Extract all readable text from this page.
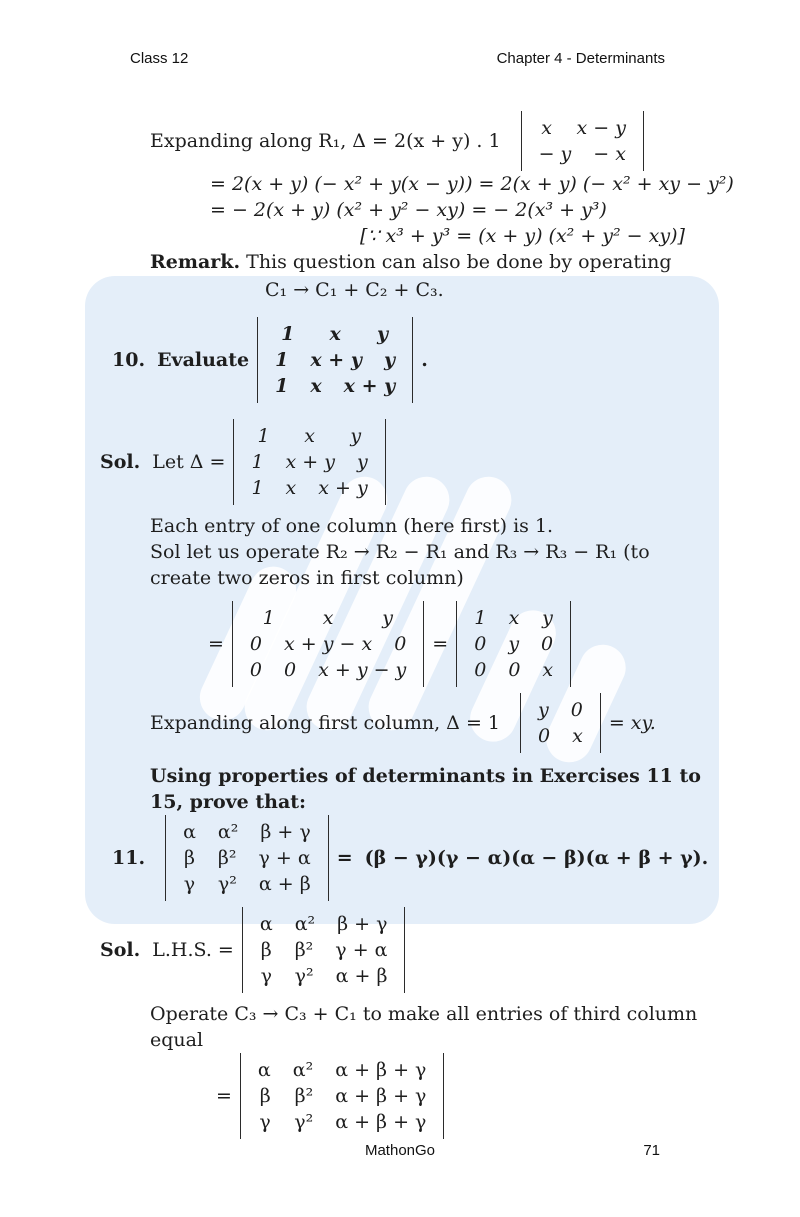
Class 12	Chapter 4 - Determinants
Expanding along R₁, Δ = 2(x + y) . 1
x	x − y
− y	− x
= 2(x + y) (− x² + y(x − y)) = 2(x + y) (− x² + xy − y²)
= − 2(x + y) (x² + y² − xy) = − 2(x³ + y³)
[∵ x³ + y³ = (x + y) (x² + y² − xy)]
Remark. This question can also be done by operating
C₁ → C₁ + C₂ + C₃.
10. Evaluate
1	x	y
1	x + y	y
1	x	x + y
.
Sol. Let Δ =
1	x	y
1	x + y	y
1	x	x + y
Each entry of one column (here first) is 1.
Sol let us operate R₂ → R₂ − R₁ and R₃ → R₃ − R₁ (to
create two zeros in first column)
=
1	x	y
0	x + y − x	0
0	0	x + y − y
=
1	x	y
0	y	0
0	0	x
Expanding along first column, Δ = 1
y	0
0	x
= xy.
Using properties of determinants in Exercises 11 to
15, prove that:
11.
α	α²	β + γ
β	β²	γ + α
γ	γ²	α + β
= (β − γ)(γ − α)(α − β)(α + β + γ).
Sol. L.H.S. =
α	α²	β + γ
β	β²	γ + α
γ	γ²	α + β
Operate C₃ → C₃ + C₁ to make all entries of third column
equal
=
α	α²	α + β + γ
β	β²	α + β + γ
γ	γ²	α + β + γ
MathonGo	71
